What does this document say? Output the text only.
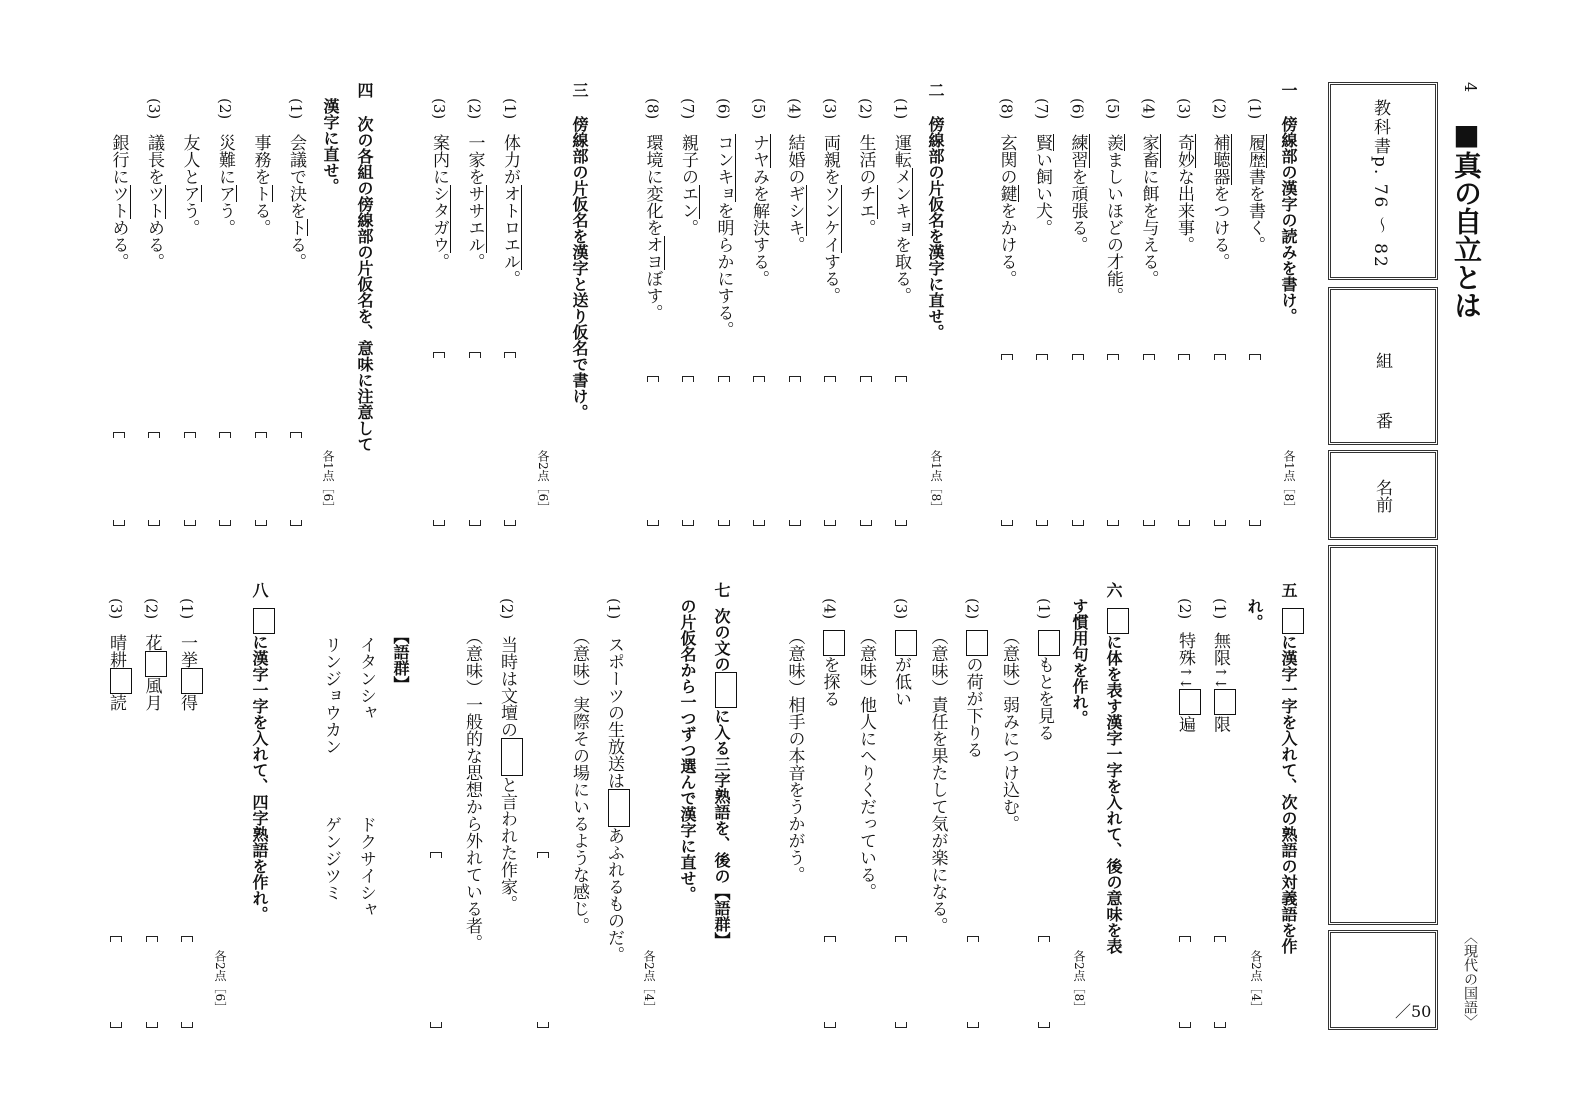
4
■真の自立とは
〈現代の国語〉
教科書p. 76 ～ 82
組
番
名前
／50
一
傍線部の漢字の読みを書け。
各1点［8］
(1)
履歴書を書く。
(2)
補聴器をつける。
(3)
奇妙な出来事。
(4)
家畜に餌を与える。
(5)
羨ましいほどの才能。
(6)
練習を頑張る。
(7)
賢い飼い犬。
(8)
玄関の鍵をかける。
二
傍線部の片仮名を漢字に直せ。
各1点［8］
(1)
運転メンキョを取る。
(2)
生活のチエ。
(3)
両親をソンケイする。
(4)
結婚のギシキ。
(5)
ナヤみを解決する。
(6)
コンキョを明らかにする。
(7)
親子のエン。
(8)
環境に変化をオヨぼす。
三
傍線部の片仮名を漢字と送り仮名で書け。
各2点［6］
(1)
体力がオトロエル。
(2)
一家をササエル。
(3)
案内にシタガウ。
四
次の各組の傍線部の片仮名を、意味に注意して
漢字に直せ。
各1点［6］
(1)
会議で決をトる。
事務をトる。
(2)
災難にアう。
友人とアう。
(3)
議長をツトめる。
銀行にツトめる。
五に漢字一字を入れて、次の熟語の対義語を作
れ。
各2点［4］
(1)
無限↑↓限
(2)
特殊↑↓遍
六に体を表す漢字一字を入れて、後の意味を表
す慣用句を作れ。
各2点［8］
(1)
もとを見る
（意味）弱みにつけ込む。
(2)
の荷が下りる
（意味）責任を果たして気が楽になる。
(3)
が低い
（意味）他人にへりくだっている。
(4)
を探る
（意味）相手の本音をうかがう。
七次の文のに入る三字熟語を、後の【語群】
の片仮名から一つずつ選んで漢字に直せ。
各2点［4］
(1)
スポーツの生放送はあふれるものだ。
（意味）実際その場にいるような感じ。
(2)
当時は文壇のと言われた作家。
（意味）一般的な思想から外れている者。
【語群】
イタンシャ
ドクサイシャ
リンジョウカン
ゲンジツミ
八に漢字一字を入れて、四字熟語を作れ。
各2点［6］
(1)
一挙得
(2)
花風月
(3)
晴耕読
